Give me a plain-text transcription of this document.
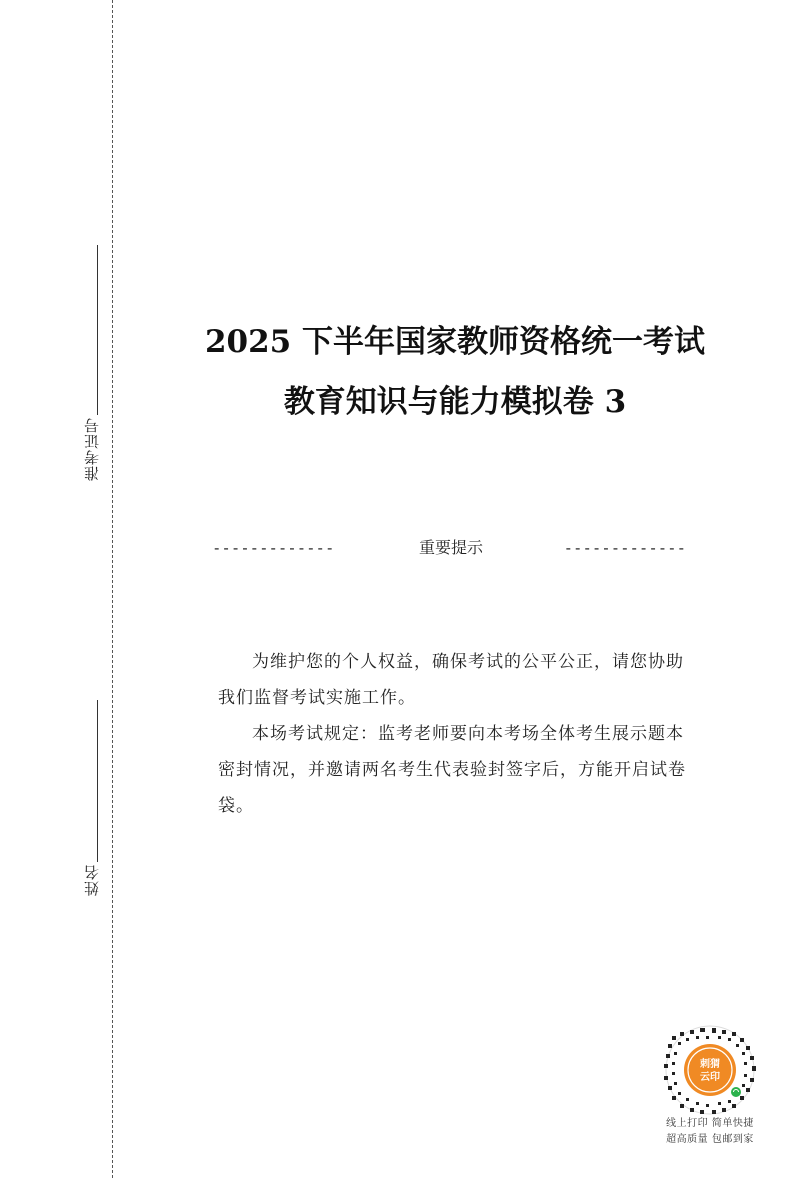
准考证号
姓名
2025 下半年国家教师资格统一考试
教育知识与能力模拟卷 3
-------------	重要提示	-------------

为维护您的个人权益，确保考试的公平公正，请您协助我们监督考试实施工作。

本场考试规定：监考老师要向本考场全体考生展示题本密封情况，并邀请两名考生代表验封签字后，方能开启试卷袋。

刺猬
云印
线上打印 简单快捷
超高质量 包邮到家
